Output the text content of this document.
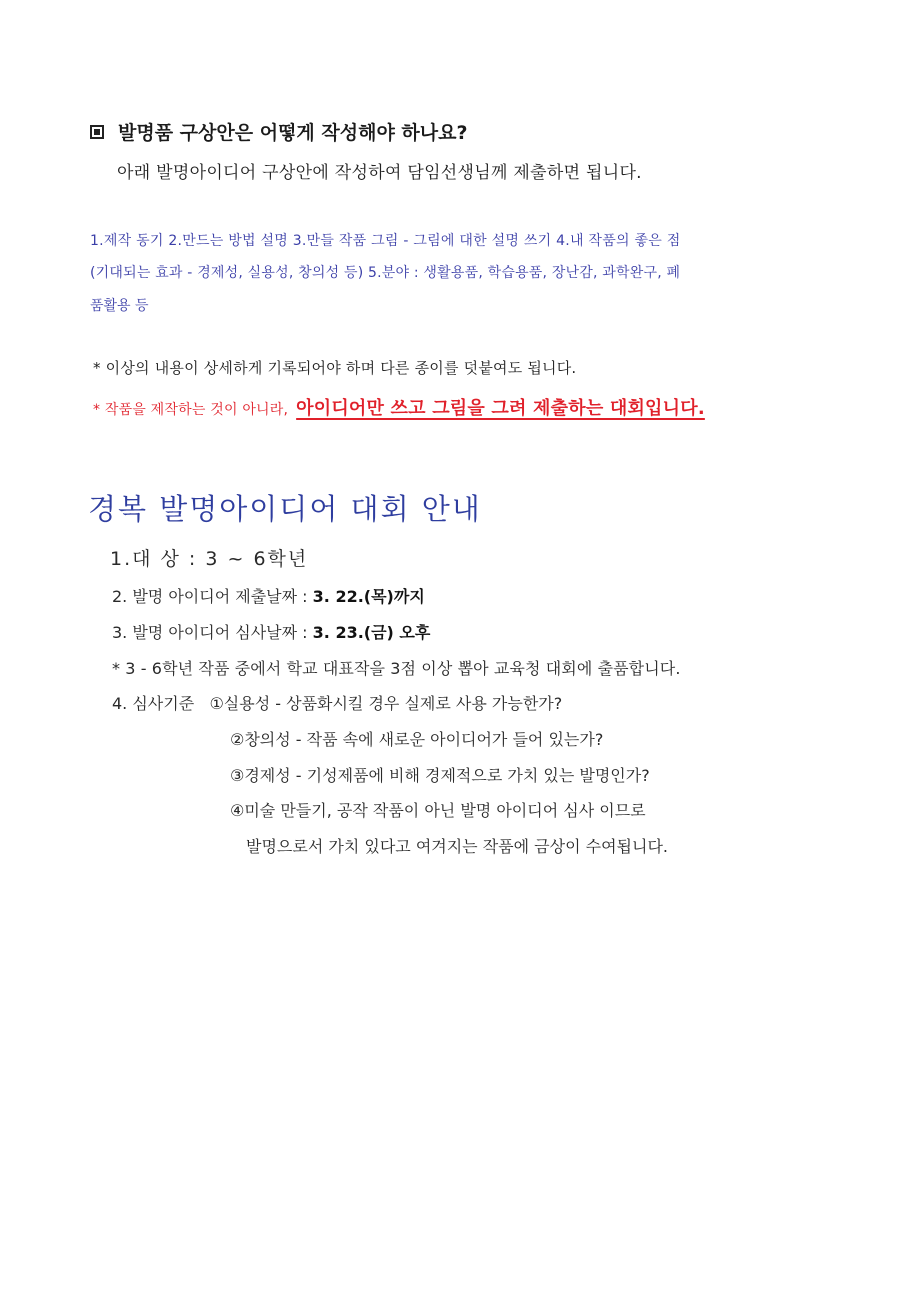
발명품 구상안은 어떻게 작성해야 하나요?

아래 발명아이디어 구상안에 작성하여 담임선생님께 제출하면 됩니다.

1.제작 동기 2.만드는 방법 설명 3.만들 작품 그림 - 그림에 대한 설명 쓰기 4.내 작품의 좋은 점

(기대되는 효과 - 경제성, 실용성, 창의성 등) 5.분야 : 생활용품, 학습용품, 장난감, 과학완구, 폐

품활용 등

* 이상의 내용이 상세하게 기록되어야 하며 다른 종이를 덧붙여도 됩니다.

* 작품을 제작하는 것이 아니라, 아이디어만 쓰고 그림을 그려 제출하는 대회입니다.

경복 발명아이디어 대회 안내

1.대 상 : 3 ~ 6학년

2. 발명 아이디어 제출날짜 : 3. 22.(목)까지

3. 발명 아이디어 심사날짜 : 3. 23.(금) 오후

* 3 - 6학년 작품 중에서 학교 대표작을 3점 이상 뽑아 교육청 대회에 출품합니다.

4. 심사기준 ①실용성 - 상품화시킬 경우 실제로 사용 가능한가?

②창의성 - 작품 속에 새로운 아이디어가 들어 있는가?

③경제성 - 기성제품에 비해 경제적으로 가치 있는 발명인가?

④미술 만들기, 공작 작품이 아닌 발명 아이디어 심사 이므로

발명으로서 가치 있다고 여겨지는 작품에 금상이 수여됩니다.
